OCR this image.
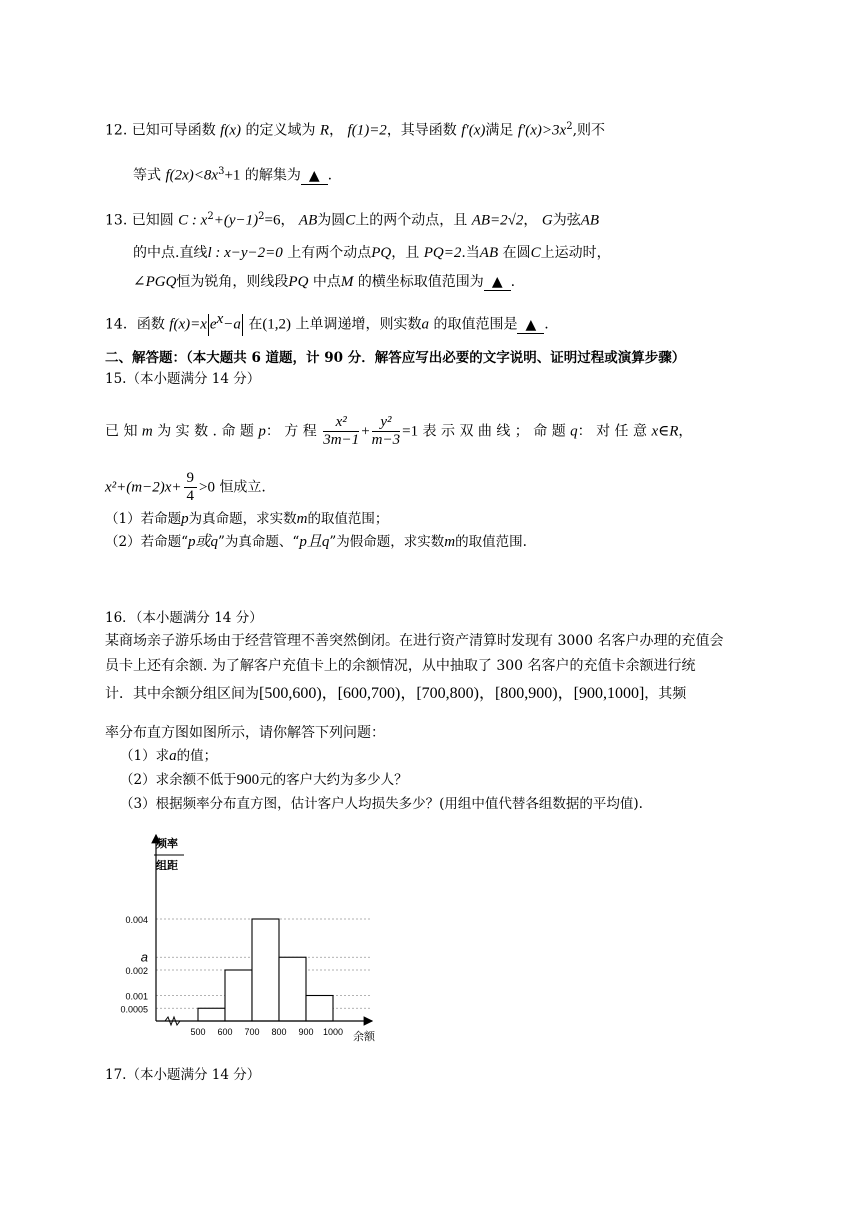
12. 已知可导函数 f(x) 的定义域为 R， f(1)=2，其导函数 f′(x)满足 $f'(x)>3x^2$,则不
等式 $f(2x)<8x^3+1$ 的解集为 ▲ .
13. 已知圆 C : $x^2+(y-1)^2=6$， AB为圆C上的两个动点，且 AB=2√2， G为弦AB
的中点.直线l : x−y−2=0 上有两个动点PQ，且 PQ=2.当AB 在圆C上运动时，
∠PGQ恒为锐角，则线段PQ 中点M 的横坐标取值范围为 ▲ .
14．函数 f(x)=x $e^x-a$ 在(1,2) 上单调递增，则实数a 的取值范围是 ▲ .
二、解答题：（本大题共 6 道题，计 90 分．解答应写出必要的文字说明、证明过程或演算步骤）
15.（本小题满分 14 分）
已 知 m 为 实 数 . 命 题 p： 方 程 $\frac{\text{x²}}{3m-1} + \frac{\text{y²}}{m-3} =1$ 表 示 双 曲 线 ； 命 题 q： 对 任 意 x∈R，
$x^2+(m-2)x+ \frac{9}{4} >0$ 恒成立.
（1）若命题p为真命题，求实数m的取值范围；
（2）若命题“p或q”为真命题、“p且q”为假命题，求实数m的取值范围.
16．（本小题满分 14 分）
某商场亲子游乐场由于经营管理不善突然倒闭。在进行资产清算时发现有 3000 名客户办理的充值会
员卡上还有余额. 为了解客户充值卡上的余额情况，从中抽取了 300 名客户的充值卡余额进行统
计．其中余额分组区间为[500,600)，[600,700)，[700,800)，[800,900)，[900,1000]，其频
率分布直方图如图所示，请你解答下列问题：
（1）求a的值；
（2）求余额不低于900元的客户大约为多少人？
（3）根据频率分布直方图，估计客户人均损失多少？(用组中值代替各组数据的平均值).
频率
组距
余额
0.004
a
0.002
0.001
0.0005
500 600 700 800 900 1000
17.（本小题满分 14 分）
